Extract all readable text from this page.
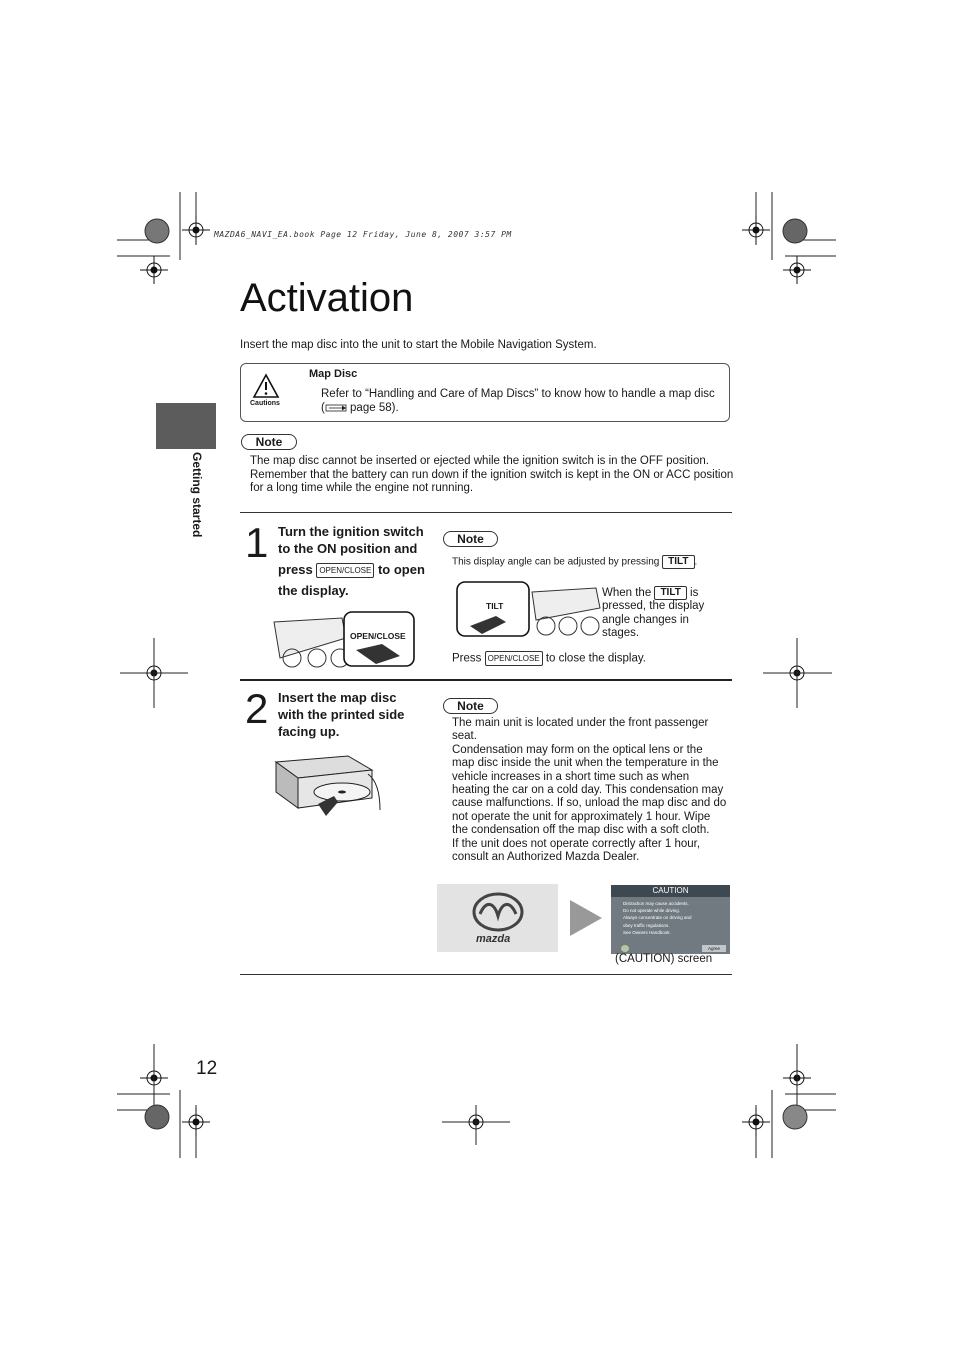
MAZDA6_NAVI_EA.book Page 12 Friday, June 8, 2007 3:57 PM
Getting started
Activation
Insert the map disc into the unit to start the Mobile Navigation System.
Cautions
Map Disc
Refer to “Handling and Care of Map Discs” to know how to handle a map disc ( page 58).
Note
The map disc cannot be inserted or ejected while the ignition switch is in the OFF position. Remember that the battery can run down if the ignition switch is kept in the ON or ACC position for a long time while the engine not running.
1 Turn the ignition switch to the ON position and
press OPEN/CLOSE to open
the display.
OPEN/CLOSE
Note
This display angle can be adjusted by pressing TILT .
TILT
When the TILT is pressed, the display angle changes in stages.
Press OPEN/CLOSE to close the display.
2 Insert the map disc with the printed side facing up.
Note
The main unit is located under the front passenger seat.
Condensation may form on the optical lens or the map disc inside the unit when the temperature in the vehicle increases in a short time such as when heating the car on a cold day. This condensation may cause malfunctions. If so, unload the map disc and do not operate the unit for approximately 1 hour. Wipe the condensation off the map disc with a soft cloth.
If the unit does not operate correctly after 1 hour, consult an Authorized Mazda Dealer.
mazda
CAUTION
Distraction may cause accidents.
Do not operate while driving.
Always concentrate on driving and
obey traffic regulations.
See Owners Handbook.
Agree
(CAUTION) screen
12
